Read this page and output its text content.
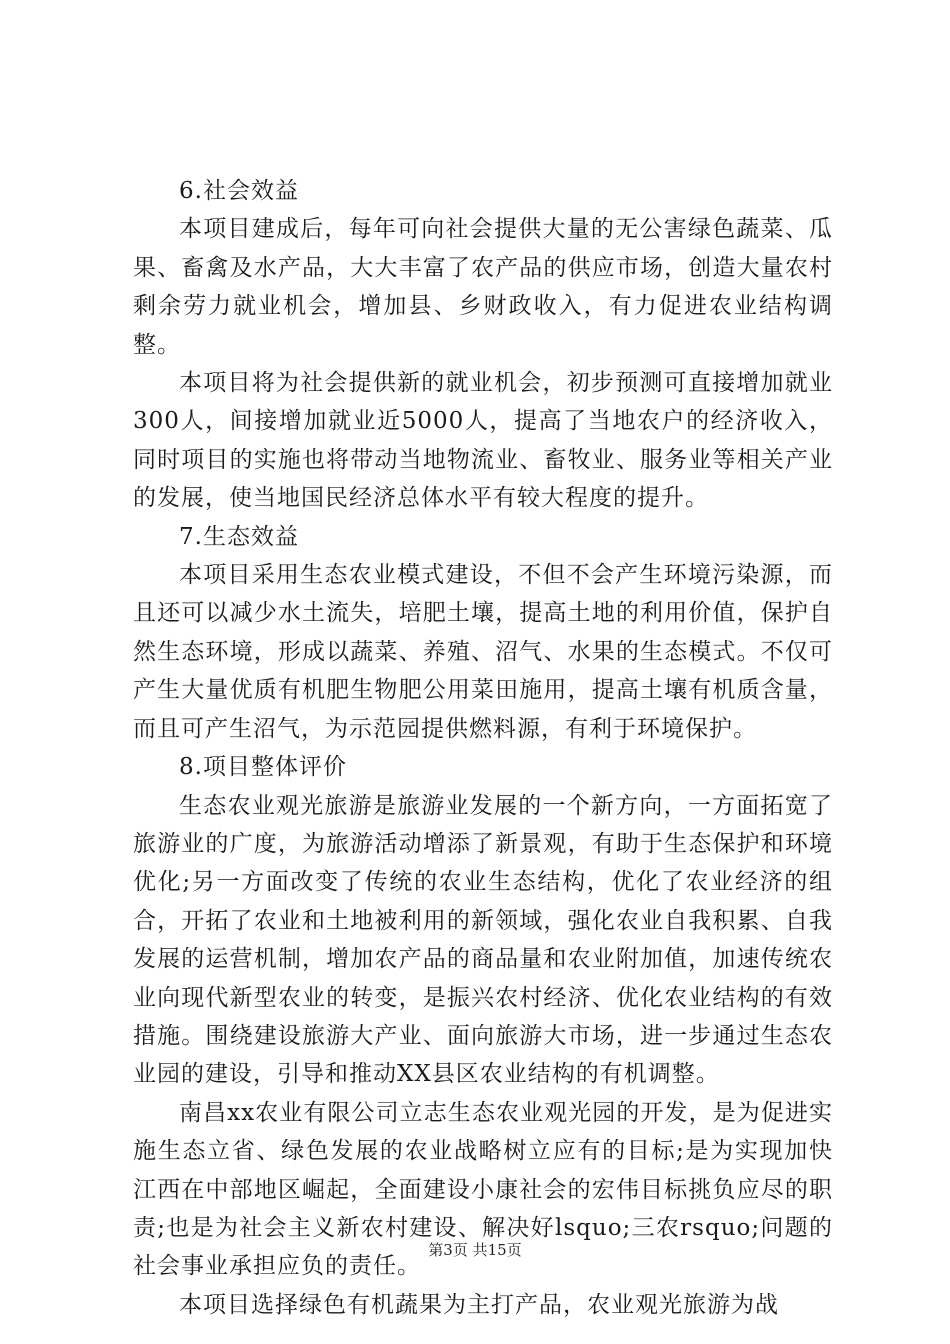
6.社会效益

本项目建成后，每年可向社会提供大量的无公害绿色蔬菜、瓜果、畜禽及水产品，大大丰富了农产品的供应市场，创造大量农村剩余劳力就业机会，增加县、乡财政收入，有力促进农业结构调整。

本项目将为社会提供新的就业机会，初步预测可直接增加就业300人，间接增加就业近5000人，提高了当地农户的经济收入，同时项目的实施也将带动当地物流业、畜牧业、服务业等相关产业的发展，使当地国民经济总体水平有较大程度的提升。

7.生态效益

本项目采用生态农业模式建设，不但不会产生环境污染源，而且还可以减少水土流失，培肥土壤，提高土地的利用价值，保护自然生态环境，形成以蔬菜、养殖、沼气、水果的生态模式。不仅可产生大量优质有机肥生物肥公用菜田施用，提高土壤有机质含量，而且可产生沼气，为示范园提供燃料源，有利于环境保护。

8.项目整体评价

生态农业观光旅游是旅游业发展的一个新方向，一方面拓宽了旅游业的广度，为旅游活动增添了新景观，有助于生态保护和环境优化;另一方面改变了传统的农业生态结构，优化了农业经济的组合，开拓了农业和土地被利用的新领域，强化农业自我积累、自我发展的运营机制，增加农产品的商品量和农业附加值，加速传统农业向现代新型农业的转变，是振兴农村经济、优化农业结构的有效措施。围绕建设旅游大产业、面向旅游大市场，进一步通过生态农业园的建设，引导和推动XX县区农业结构的有机调整。

南昌xx农业有限公司立志生态农业观光园的开发，是为促进实施生态立省、绿色发展的农业战略树立应有的目标;是为实现加快江西在中部地区崛起，全面建设小康社会的宏伟目标挑负应尽的职责;也是为社会主义新农村建设、解决好lsquo;三农rsquo;问题的社会事业承担应负的责任。

本项目选择绿色有机蔬果为主打产品，农业观光旅游为战

第3页 共15页
